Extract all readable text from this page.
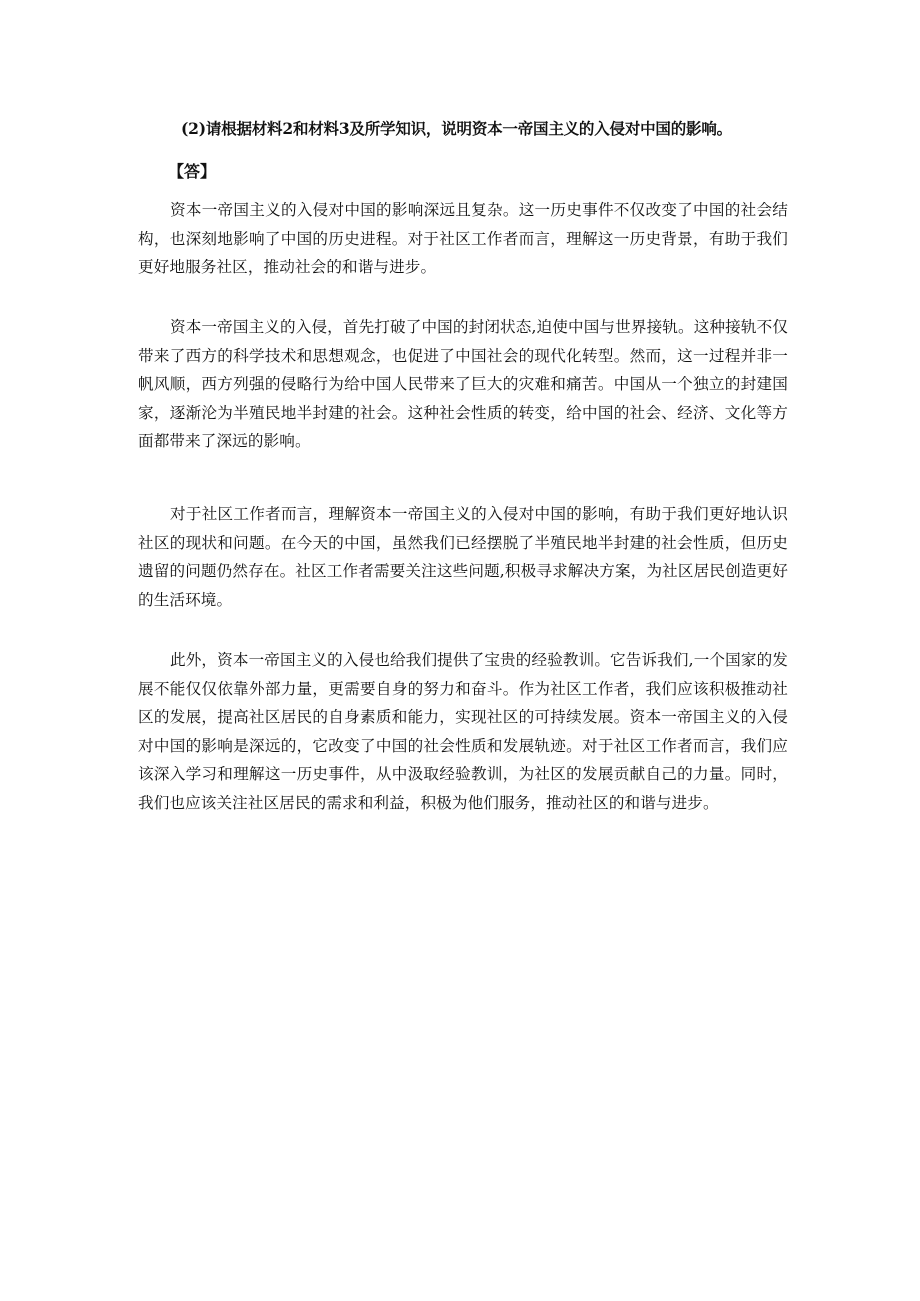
(2)请根据材料2和材料3及所学知识，说明资本一帝国主义的入侵对中国的影响。
【答】
资本一帝国主义的入侵对中国的影响深远且复杂。这一历史事件不仅改变了中国的社会结构，也深刻地影响了中国的历史进程。对于社区工作者而言，理解这一历史背景，有助于我们更好地服务社区，推动社会的和谐与进步。
资本一帝国主义的入侵，首先打破了中国的封闭状态,迫使中国与世界接轨。这种接轨不仅带来了西方的科学技术和思想观念，也促进了中国社会的现代化转型。然而，这一过程并非一帆风顺，西方列强的侵略行为给中国人民带来了巨大的灾难和痛苦。中国从一个独立的封建国家，逐渐沦为半殖民地半封建的社会。这种社会性质的转变，给中国的社会、经济、文化等方面都带来了深远的影响。
对于社区工作者而言，理解资本一帝国主义的入侵对中国的影响，有助于我们更好地认识社区的现状和问题。在今天的中国，虽然我们已经摆脱了半殖民地半封建的社会性质，但历史遗留的问题仍然存在。社区工作者需要关注这些问题,积极寻求解决方案，为社区居民创造更好的生活环境。
此外，资本一帝国主义的入侵也给我们提供了宝贵的经验教训。它告诉我们,一个国家的发展不能仅仅依靠外部力量，更需要自身的努力和奋斗。作为社区工作者，我们应该积极推动社区的发展，提高社区居民的自身素质和能力，实现社区的可持续发展。资本一帝国主义的入侵对中国的影响是深远的，它改变了中国的社会性质和发展轨迹。对于社区工作者而言，我们应该深入学习和理解这一历史事件，从中汲取经验教训，为社区的发展贡献自己的力量。同时，我们也应该关注社区居民的需求和利益，积极为他们服务，推动社区的和谐与进步。
